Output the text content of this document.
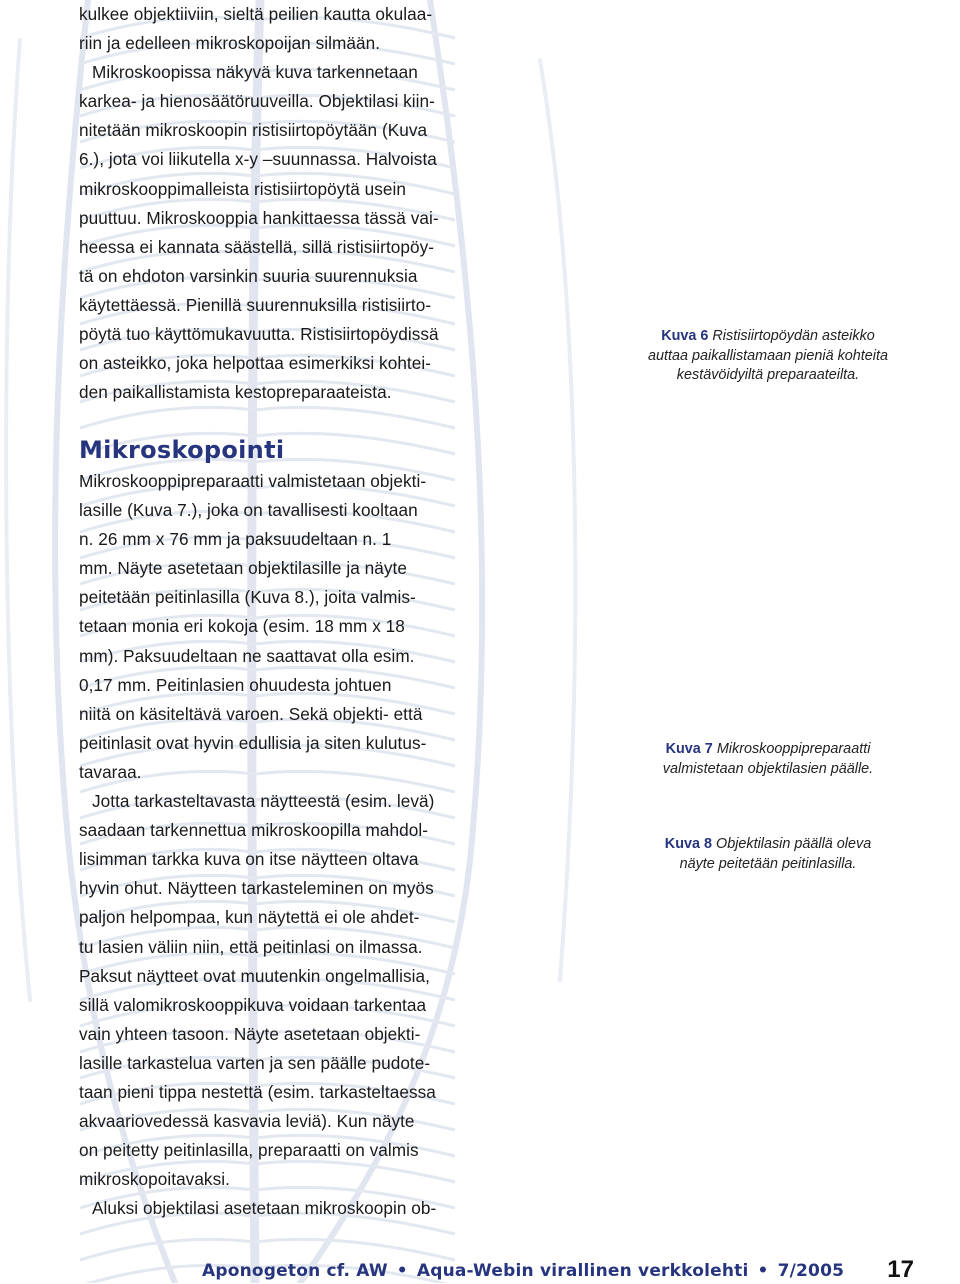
kulkee objektiiviin, sieltä peilien kautta okulaa-
riin ja edelleen mikroskopoijan silmään.
Mikroskoopissa näkyvä kuva tarkennetaan
karkea- ja hienosäätöruuveilla. Objektilasi kiin-
nitetään mikroskoopin ristisiirtopöytään (Kuva
6.), jota voi liikutella x-y –suunnassa. Halvoista
mikroskooppimalleista ristisiirtopöytä usein
puuttuu. Mikroskooppia hankittaessa tässä vai-
heessa ei kannata säästellä, sillä ristisiirtopöy-
tä on ehdoton varsinkin suuria suurennuksia
käytettäessä. Pienillä suurennuksilla ristisiirto-
pöytä tuo käyttömukavuutta. Ristisiirtopöydissä
on asteikko, joka helpottaa esimerkiksi kohtei-
den paikallistamista kestopreparaateista.
Mikroskopointi
Mikroskooppipreparaatti valmistetaan objekti-
lasille (Kuva 7.), joka on tavallisesti kooltaan
n. 26 mm x 76 mm ja paksuudeltaan n. 1
mm. Näyte asetetaan objektilasille ja näyte
peitetään peitinlasilla (Kuva 8.), joita valmis-
tetaan monia eri kokoja (esim. 18 mm x 18
mm). Paksuudeltaan ne saattavat olla esim.
0,17 mm. Peitinlasien ohuudesta johtuen
niitä on käsiteltävä varoen. Sekä objekti- että
peitinlasit ovat hyvin edullisia ja siten kulutus-
tavaraa.
Jotta tarkasteltavasta näytteestä (esim. levä)
saadaan tarkennettua mikroskoopilla mahdol-
lisimman tarkka kuva on itse näytteen oltava
hyvin ohut. Näytteen tarkasteleminen on myös
paljon helpompaa, kun näytettä ei ole ahdet-
tu lasien väliin niin, että peitinlasi on ilmassa.
Paksut näytteet ovat muutenkin ongelmallisia,
sillä valomikroskooppikuva voidaan tarkentaa
vain yhteen tasoon. Näyte asetetaan objekti-
lasille tarkastelua varten ja sen päälle pudote-
taan pieni tippa nestettä (esim. tarkasteltaessa
akvaariovedessä kasvavia leviä). Kun näyte
on peitetty peitinlasilla, preparaatti on valmis
mikroskopoitavaksi.
Aluksi objektilasi asetetaan mikroskoopin ob-
Kuva 6 Ristisiirtopöydän asteikko
auttaa paikallistamaan pieniä kohteita
kestävöidyiltä preparaateilta.
Kuva 7 Mikroskooppipreparaatti
valmistetaan objektilasien päälle.
Kuva 8 Objektilasin päällä oleva
näyte peitetään peitinlasilla.
Aponogeton cf. AW • Aqua-Webin virallinen verkkolehti • 7/2005 17
